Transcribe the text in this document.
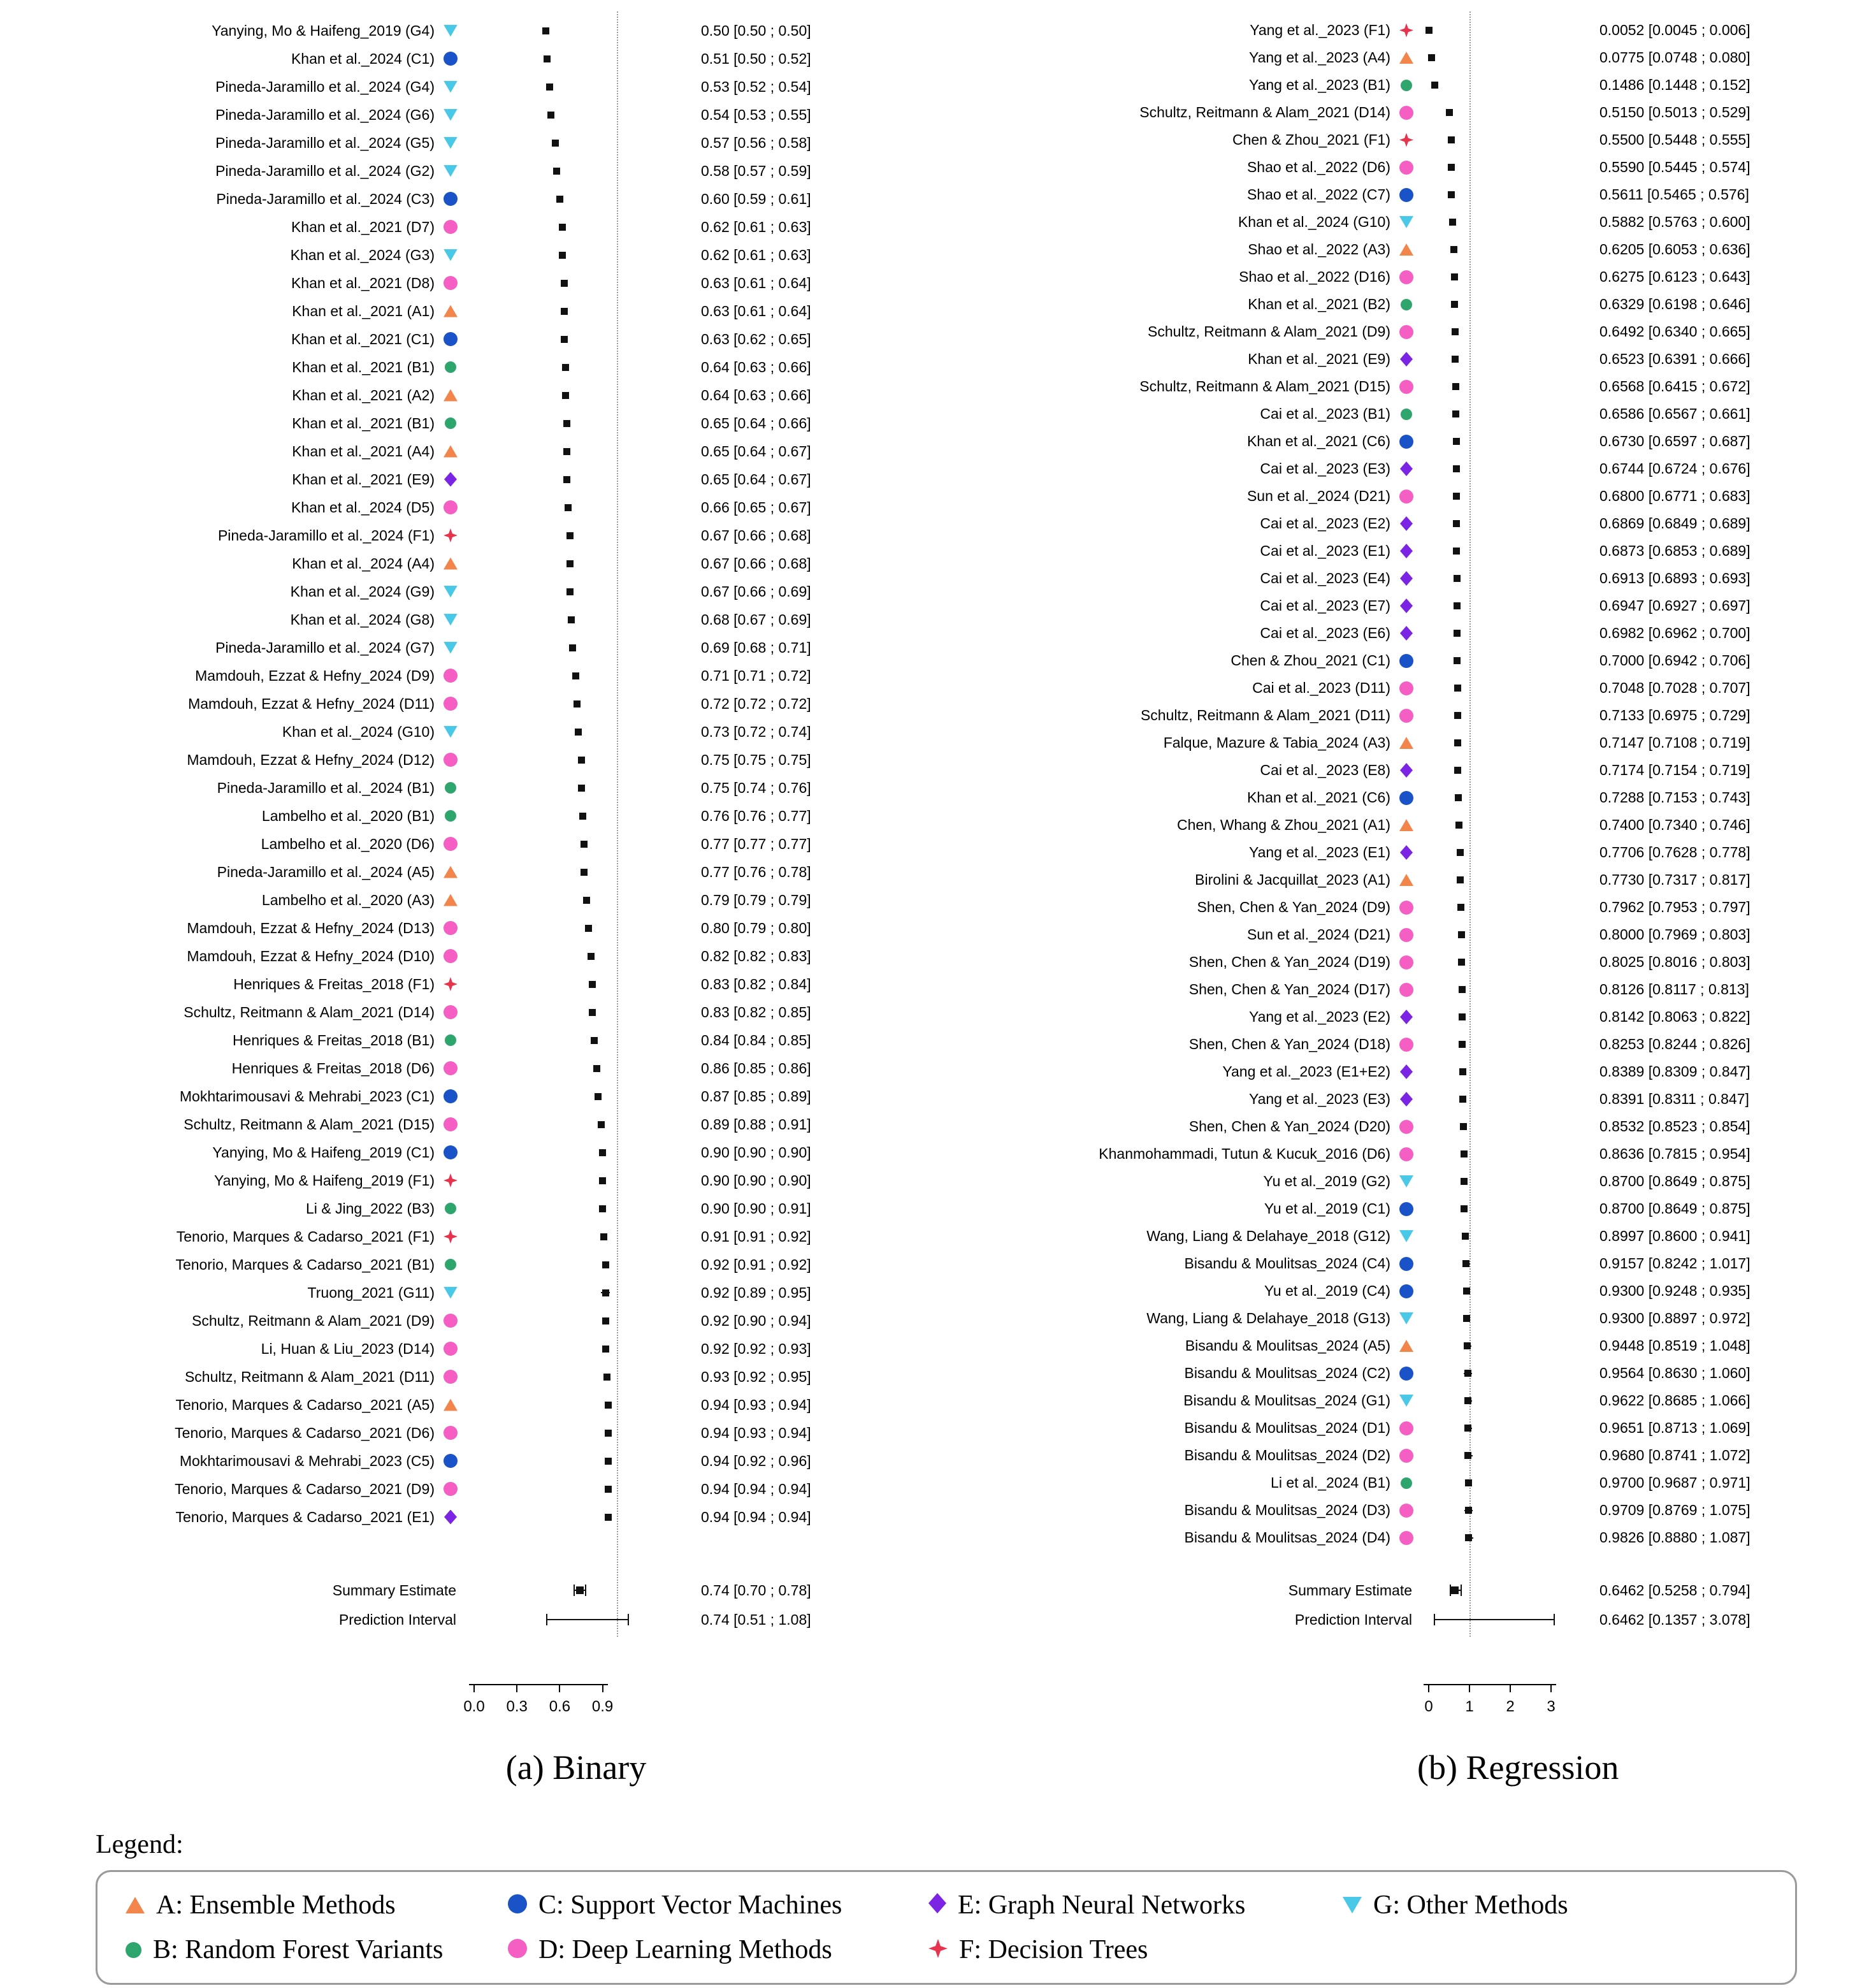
Yanying, Mo & Haifeng_2019 (G4)	0.50 [0.50 ; 0.50]
Khan et al._2024 (C1)	0.51 [0.50 ; 0.52]
Pineda-Jaramillo et al._2024 (G4)	0.53 [0.52 ; 0.54]
Pineda-Jaramillo et al._2024 (G6)	0.54 [0.53 ; 0.55]
Pineda-Jaramillo et al._2024 (G5)	0.57 [0.56 ; 0.58]
Pineda-Jaramillo et al._2024 (G2)	0.58 [0.57 ; 0.59]
Pineda-Jaramillo et al._2024 (C3)	0.60 [0.59 ; 0.61]
Khan et al._2021 (D7)	0.62 [0.61 ; 0.63]
Khan et al._2024 (G3)	0.62 [0.61 ; 0.63]
Khan et al._2021 (D8)	0.63 [0.61 ; 0.64]
Khan et al._2021 (A1)	0.63 [0.61 ; 0.64]
Khan et al._2021 (C1)	0.63 [0.62 ; 0.65]
Khan et al._2021 (B1)	0.64 [0.63 ; 0.66]
Khan et al._2021 (A2)	0.64 [0.63 ; 0.66]
Khan et al._2021 (B1)	0.65 [0.64 ; 0.66]
Khan et al._2021 (A4)	0.65 [0.64 ; 0.67]
Khan et al._2021 (E9)	0.65 [0.64 ; 0.67]
Khan et al._2024 (D5)	0.66 [0.65 ; 0.67]
Pineda-Jaramillo et al._2024 (F1)	0.67 [0.66 ; 0.68]
Khan et al._2024 (A4)	0.67 [0.66 ; 0.68]
Khan et al._2024 (G9)	0.67 [0.66 ; 0.69]
Khan et al._2024 (G8)	0.68 [0.67 ; 0.69]
Pineda-Jaramillo et al._2024 (G7)	0.69 [0.68 ; 0.71]
Mamdouh, Ezzat & Hefny_2024 (D9)	0.71 [0.71 ; 0.72]
Mamdouh, Ezzat & Hefny_2024 (D11)	0.72 [0.72 ; 0.72]
Khan et al._2024 (G10)	0.73 [0.72 ; 0.74]
Mamdouh, Ezzat & Hefny_2024 (D12)	0.75 [0.75 ; 0.75]
Pineda-Jaramillo et al._2024 (B1)	0.75 [0.74 ; 0.76]
Lambelho et al._2020 (B1)	0.76 [0.76 ; 0.77]
Lambelho et al._2020 (D6)	0.77 [0.77 ; 0.77]
Pineda-Jaramillo et al._2024 (A5)	0.77 [0.76 ; 0.78]
Lambelho et al._2020 (A3)	0.79 [0.79 ; 0.79]
Mamdouh, Ezzat & Hefny_2024 (D13)	0.80 [0.79 ; 0.80]
Mamdouh, Ezzat & Hefny_2024 (D10)	0.82 [0.82 ; 0.83]
Henriques & Freitas_2018 (F1)	0.83 [0.82 ; 0.84]
Schultz, Reitmann & Alam_2021 (D14)	0.83 [0.82 ; 0.85]
Henriques & Freitas_2018 (B1)	0.84 [0.84 ; 0.85]
Henriques & Freitas_2018 (D6)	0.86 [0.85 ; 0.86]
Mokhtarimousavi & Mehrabi_2023 (C1)	0.87 [0.85 ; 0.89]
Schultz, Reitmann & Alam_2021 (D15)	0.89 [0.88 ; 0.91]
Yanying, Mo & Haifeng_2019 (C1)	0.90 [0.90 ; 0.90]
Yanying, Mo & Haifeng_2019 (F1)	0.90 [0.90 ; 0.90]
Li & Jing_2022 (B3)	0.90 [0.90 ; 0.91]
Tenorio, Marques & Cadarso_2021 (F1)	0.91 [0.91 ; 0.92]
Tenorio, Marques & Cadarso_2021 (B1)	0.92 [0.91 ; 0.92]
Truong_2021 (G11)	0.92 [0.89 ; 0.95]
Schultz, Reitmann & Alam_2021 (D9)	0.92 [0.90 ; 0.94]
Li, Huan & Liu_2023 (D14)	0.92 [0.92 ; 0.93]
Schultz, Reitmann & Alam_2021 (D11)	0.93 [0.92 ; 0.95]
Tenorio, Marques & Cadarso_2021 (A5)	0.94 [0.93 ; 0.94]
Tenorio, Marques & Cadarso_2021 (D6)	0.94 [0.93 ; 0.94]
Mokhtarimousavi & Mehrabi_2023 (C5)	0.94 [0.92 ; 0.96]
Tenorio, Marques & Cadarso_2021 (D9)	0.94 [0.94 ; 0.94]
Tenorio, Marques & Cadarso_2021 (E1)	0.94 [0.94 ; 0.94]
Summary Estimate	0.74 [0.70 ; 0.78]
Prediction Interval	0.74 [0.51 ; 1.08]
0.0	0.3	0.6	0.9
(a) Binary
Yang et al._2023 (F1)	0.0052 [0.0045 ; 0.006]
Yang et al._2023 (A4)	0.0775 [0.0748 ; 0.080]
Yang et al._2023 (B1)	0.1486 [0.1448 ; 0.152]
Schultz, Reitmann & Alam_2021 (D14)	0.5150 [0.5013 ; 0.529]
Chen & Zhou_2021 (F1)	0.5500 [0.5448 ; 0.555]
Shao et al._2022 (D6)	0.5590 [0.5445 ; 0.574]
Shao et al._2022 (C7)	0.5611 [0.5465 ; 0.576]
Khan et al._2024 (G10)	0.5882 [0.5763 ; 0.600]
Shao et al._2022 (A3)	0.6205 [0.6053 ; 0.636]
Shao et al._2022 (D16)	0.6275 [0.6123 ; 0.643]
Khan et al._2021 (B2)	0.6329 [0.6198 ; 0.646]
Schultz, Reitmann & Alam_2021 (D9)	0.6492 [0.6340 ; 0.665]
Khan et al._2021 (E9)	0.6523 [0.6391 ; 0.666]
Schultz, Reitmann & Alam_2021 (D15)	0.6568 [0.6415 ; 0.672]
Cai et al._2023 (B1)	0.6586 [0.6567 ; 0.661]
Khan et al._2021 (C6)	0.6730 [0.6597 ; 0.687]
Cai et al._2023 (E3)	0.6744 [0.6724 ; 0.676]
Sun et al._2024 (D21)	0.6800 [0.6771 ; 0.683]
Cai et al._2023 (E2)	0.6869 [0.6849 ; 0.689]
Cai et al._2023 (E1)	0.6873 [0.6853 ; 0.689]
Cai et al._2023 (E4)	0.6913 [0.6893 ; 0.693]
Cai et al._2023 (E7)	0.6947 [0.6927 ; 0.697]
Cai et al._2023 (E6)	0.6982 [0.6962 ; 0.700]
Chen & Zhou_2021 (C1)	0.7000 [0.6942 ; 0.706]
Cai et al._2023 (D11)	0.7048 [0.7028 ; 0.707]
Schultz, Reitmann & Alam_2021 (D11)	0.7133 [0.6975 ; 0.729]
Falque, Mazure & Tabia_2024 (A3)	0.7147 [0.7108 ; 0.719]
Cai et al._2023 (E8)	0.7174 [0.7154 ; 0.719]
Khan et al._2021 (C6)	0.7288 [0.7153 ; 0.743]
Chen, Whang & Zhou_2021 (A1)	0.7400 [0.7340 ; 0.746]
Yang et al._2023 (E1)	0.7706 [0.7628 ; 0.778]
Birolini & Jacquillat_2023 (A1)	0.7730 [0.7317 ; 0.817]
Shen, Chen & Yan_2024 (D9)	0.7962 [0.7953 ; 0.797]
Sun et al._2024 (D21)	0.8000 [0.7969 ; 0.803]
Shen, Chen & Yan_2024 (D19)	0.8025 [0.8016 ; 0.803]
Shen, Chen & Yan_2024 (D17)	0.8126 [0.8117 ; 0.813]
Yang et al._2023 (E2)	0.8142 [0.8063 ; 0.822]
Shen, Chen & Yan_2024 (D18)	0.8253 [0.8244 ; 0.826]
Yang et al._2023 (E1+E2)	0.8389 [0.8309 ; 0.847]
Yang et al._2023 (E3)	0.8391 [0.8311 ; 0.847]
Shen, Chen & Yan_2024 (D20)	0.8532 [0.8523 ; 0.854]
Khanmohammadi, Tutun & Kucuk_2016 (D6)	0.8636 [0.7815 ; 0.954]
Yu et al._2019 (G2)	0.8700 [0.8649 ; 0.875]
Yu et al._2019 (C1)	0.8700 [0.8649 ; 0.875]
Wang, Liang & Delahaye_2018 (G12)	0.8997 [0.8600 ; 0.941]
Bisandu & Moulitsas_2024 (C4)	0.9157 [0.8242 ; 1.017]
Yu et al._2019 (C4)	0.9300 [0.9248 ; 0.935]
Wang, Liang & Delahaye_2018 (G13)	0.9300 [0.8897 ; 0.972]
Bisandu & Moulitsas_2024 (A5)	0.9448 [0.8519 ; 1.048]
Bisandu & Moulitsas_2024 (C2)	0.9564 [0.8630 ; 1.060]
Bisandu & Moulitsas_2024 (G1)	0.9622 [0.8685 ; 1.066]
Bisandu & Moulitsas_2024 (D1)	0.9651 [0.8713 ; 1.069]
Bisandu & Moulitsas_2024 (D2)	0.9680 [0.8741 ; 1.072]
Li et al._2024 (B1)	0.9700 [0.9687 ; 0.971]
Bisandu & Moulitsas_2024 (D3)	0.9709 [0.8769 ; 1.075]
Bisandu & Moulitsas_2024 (D4)	0.9826 [0.8880 ; 1.087]
Summary Estimate	0.6462 [0.5258 ; 0.794]
Prediction Interval	0.6462 [0.1357 ; 3.078]
0	1	2	3
(b) Regression
Legend:
A: Ensemble Methods	C: Support Vector Machines	E: Graph Neural Networks	G: Other Methods
B: Random Forest Variants	D: Deep Learning Methods	F: Decision Trees
